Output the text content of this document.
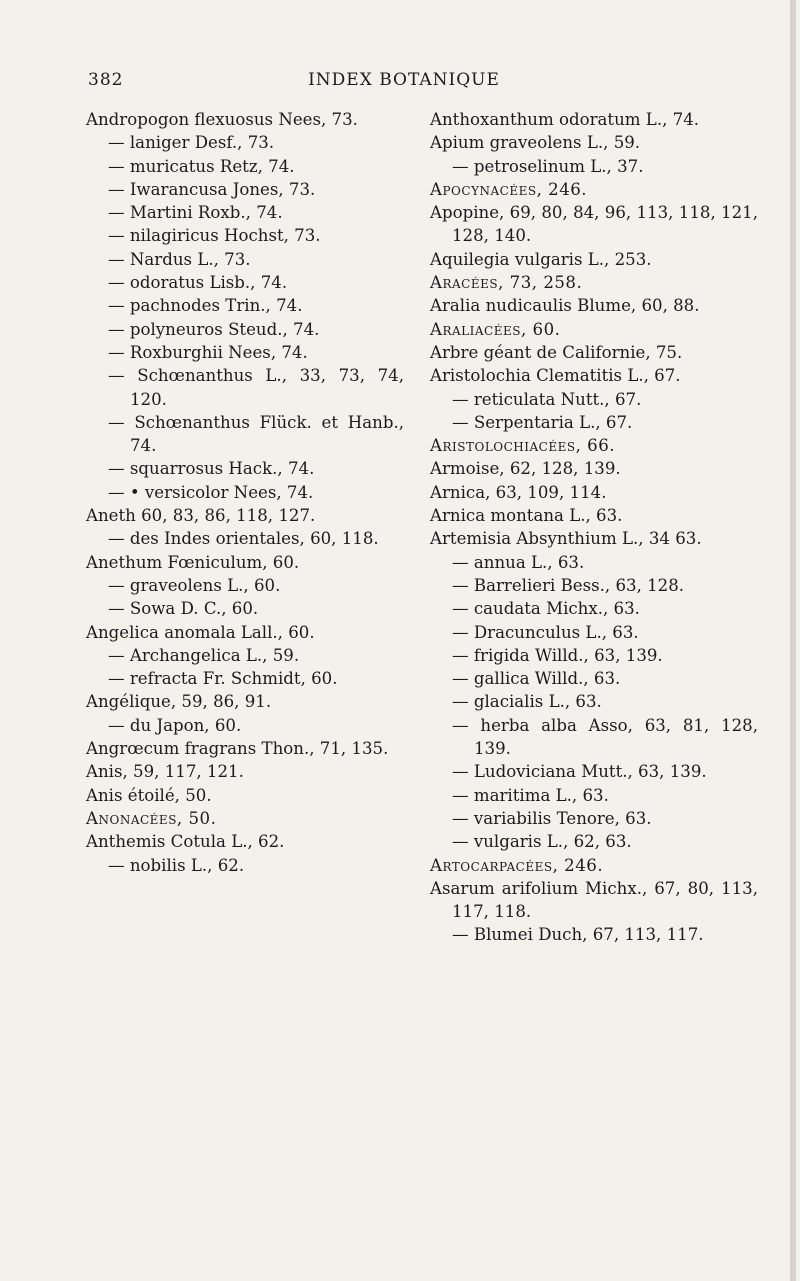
382	INDEX BOTANIQUE
Andropogon flexuosus Nees, 73.
— laniger Desf., 73.
— muricatus Retz, 74.
— Iwarancusa Jones, 73.
— Martini Roxb., 74.
— nilagiricus Hochst, 73.
— Nardus L., 73.
— odoratus Lisb., 74.
— pachnodes Trin., 74.
— polyneuros Steud., 74.
— Roxburghii Nees, 74.
— Schœnanthus L., 33, 73, 74, 120.
— Schœnanthus Flück. et Hanb., 74.
— squarrosus Hack., 74.
— • versicolor Nees, 74.
Aneth 60, 83, 86, 118, 127.
— des Indes orientales, 60, 118.
Anethum Fœniculum, 60.
— graveolens L., 60.
— Sowa D. C., 60.
Angelica anomala Lall., 60.
— Archangelica L., 59.
— refracta Fr. Schmidt, 60.
Angélique, 59, 86, 91.
— du Japon, 60.
Angrœcum fragrans Thon., 71, 135.
Anis, 59, 117, 121.
Anis étoilé, 50.
Anonacées, 50.
Anthemis Cotula L., 62.
— nobilis L., 62.
Anthoxanthum odoratum L., 74.
Apium graveolens L., 59.
— petroselinum L., 37.
Apocynacées, 246.
Apopine, 69, 80, 84, 96, 113, 118, 121, 128, 140.
Aquilegia vulgaris L., 253.
Aracées, 73, 258.
Aralia nudicaulis Blume, 60, 88.
Araliacées, 60.
Arbre géant de Californie, 75.
Aristolochia Clematitis L., 67.
— reticulata Nutt., 67.
— Serpentaria L., 67.
Aristolochiacées, 66.
Armoise, 62, 128, 139.
Arnica, 63, 109, 114.
Arnica montana L., 63.
Artemisia Absynthium L., 34 63.
— annua L., 63.
— Barrelieri Bess., 63, 128.
— caudata Michx., 63.
— Dracunculus L., 63.
— frigida Willd., 63, 139.
— gallica Willd., 63.
— glacialis L., 63.
— herba alba Asso, 63, 81, 128, 139.
— Ludoviciana Mutt., 63, 139.
— maritima L., 63.
— variabilis Tenore, 63.
— vulgaris L., 62, 63.
Artocarpacées, 246.
Asarum arifolium Michx., 67, 80, 113, 117, 118.
— Blumei Duch, 67, 113, 117.
